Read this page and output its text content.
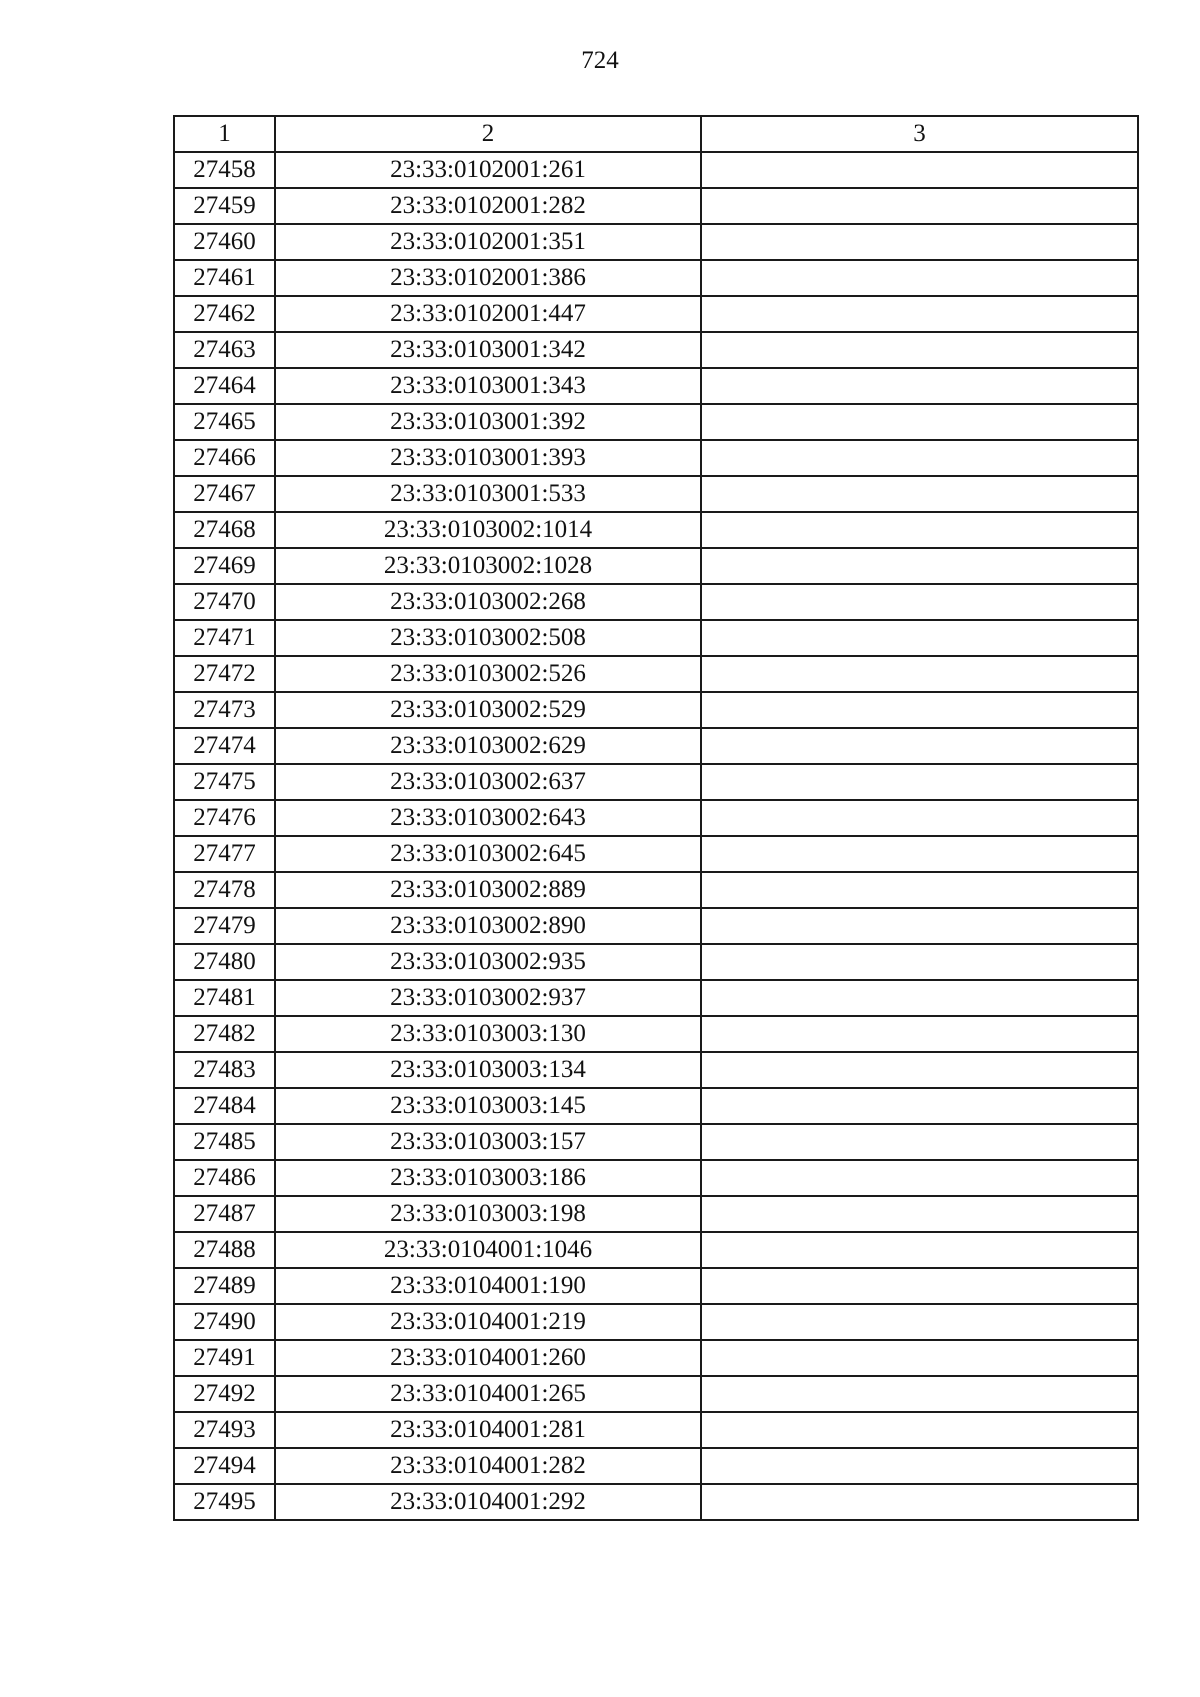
724
1	2	3
27458	23:33:0102001:261	
27459	23:33:0102001:282	
27460	23:33:0102001:351	
27461	23:33:0102001:386	
27462	23:33:0102001:447	
27463	23:33:0103001:342	
27464	23:33:0103001:343	
27465	23:33:0103001:392	
27466	23:33:0103001:393	
27467	23:33:0103001:533	
27468	23:33:0103002:1014	
27469	23:33:0103002:1028	
27470	23:33:0103002:268	
27471	23:33:0103002:508	
27472	23:33:0103002:526	
27473	23:33:0103002:529	
27474	23:33:0103002:629	
27475	23:33:0103002:637	
27476	23:33:0103002:643	
27477	23:33:0103002:645	
27478	23:33:0103002:889	
27479	23:33:0103002:890	
27480	23:33:0103002:935	
27481	23:33:0103002:937	
27482	23:33:0103003:130	
27483	23:33:0103003:134	
27484	23:33:0103003:145	
27485	23:33:0103003:157	
27486	23:33:0103003:186	
27487	23:33:0103003:198	
27488	23:33:0104001:1046	
27489	23:33:0104001:190	
27490	23:33:0104001:219	
27491	23:33:0104001:260	
27492	23:33:0104001:265	
27493	23:33:0104001:281	
27494	23:33:0104001:282	
27495	23:33:0104001:292	
